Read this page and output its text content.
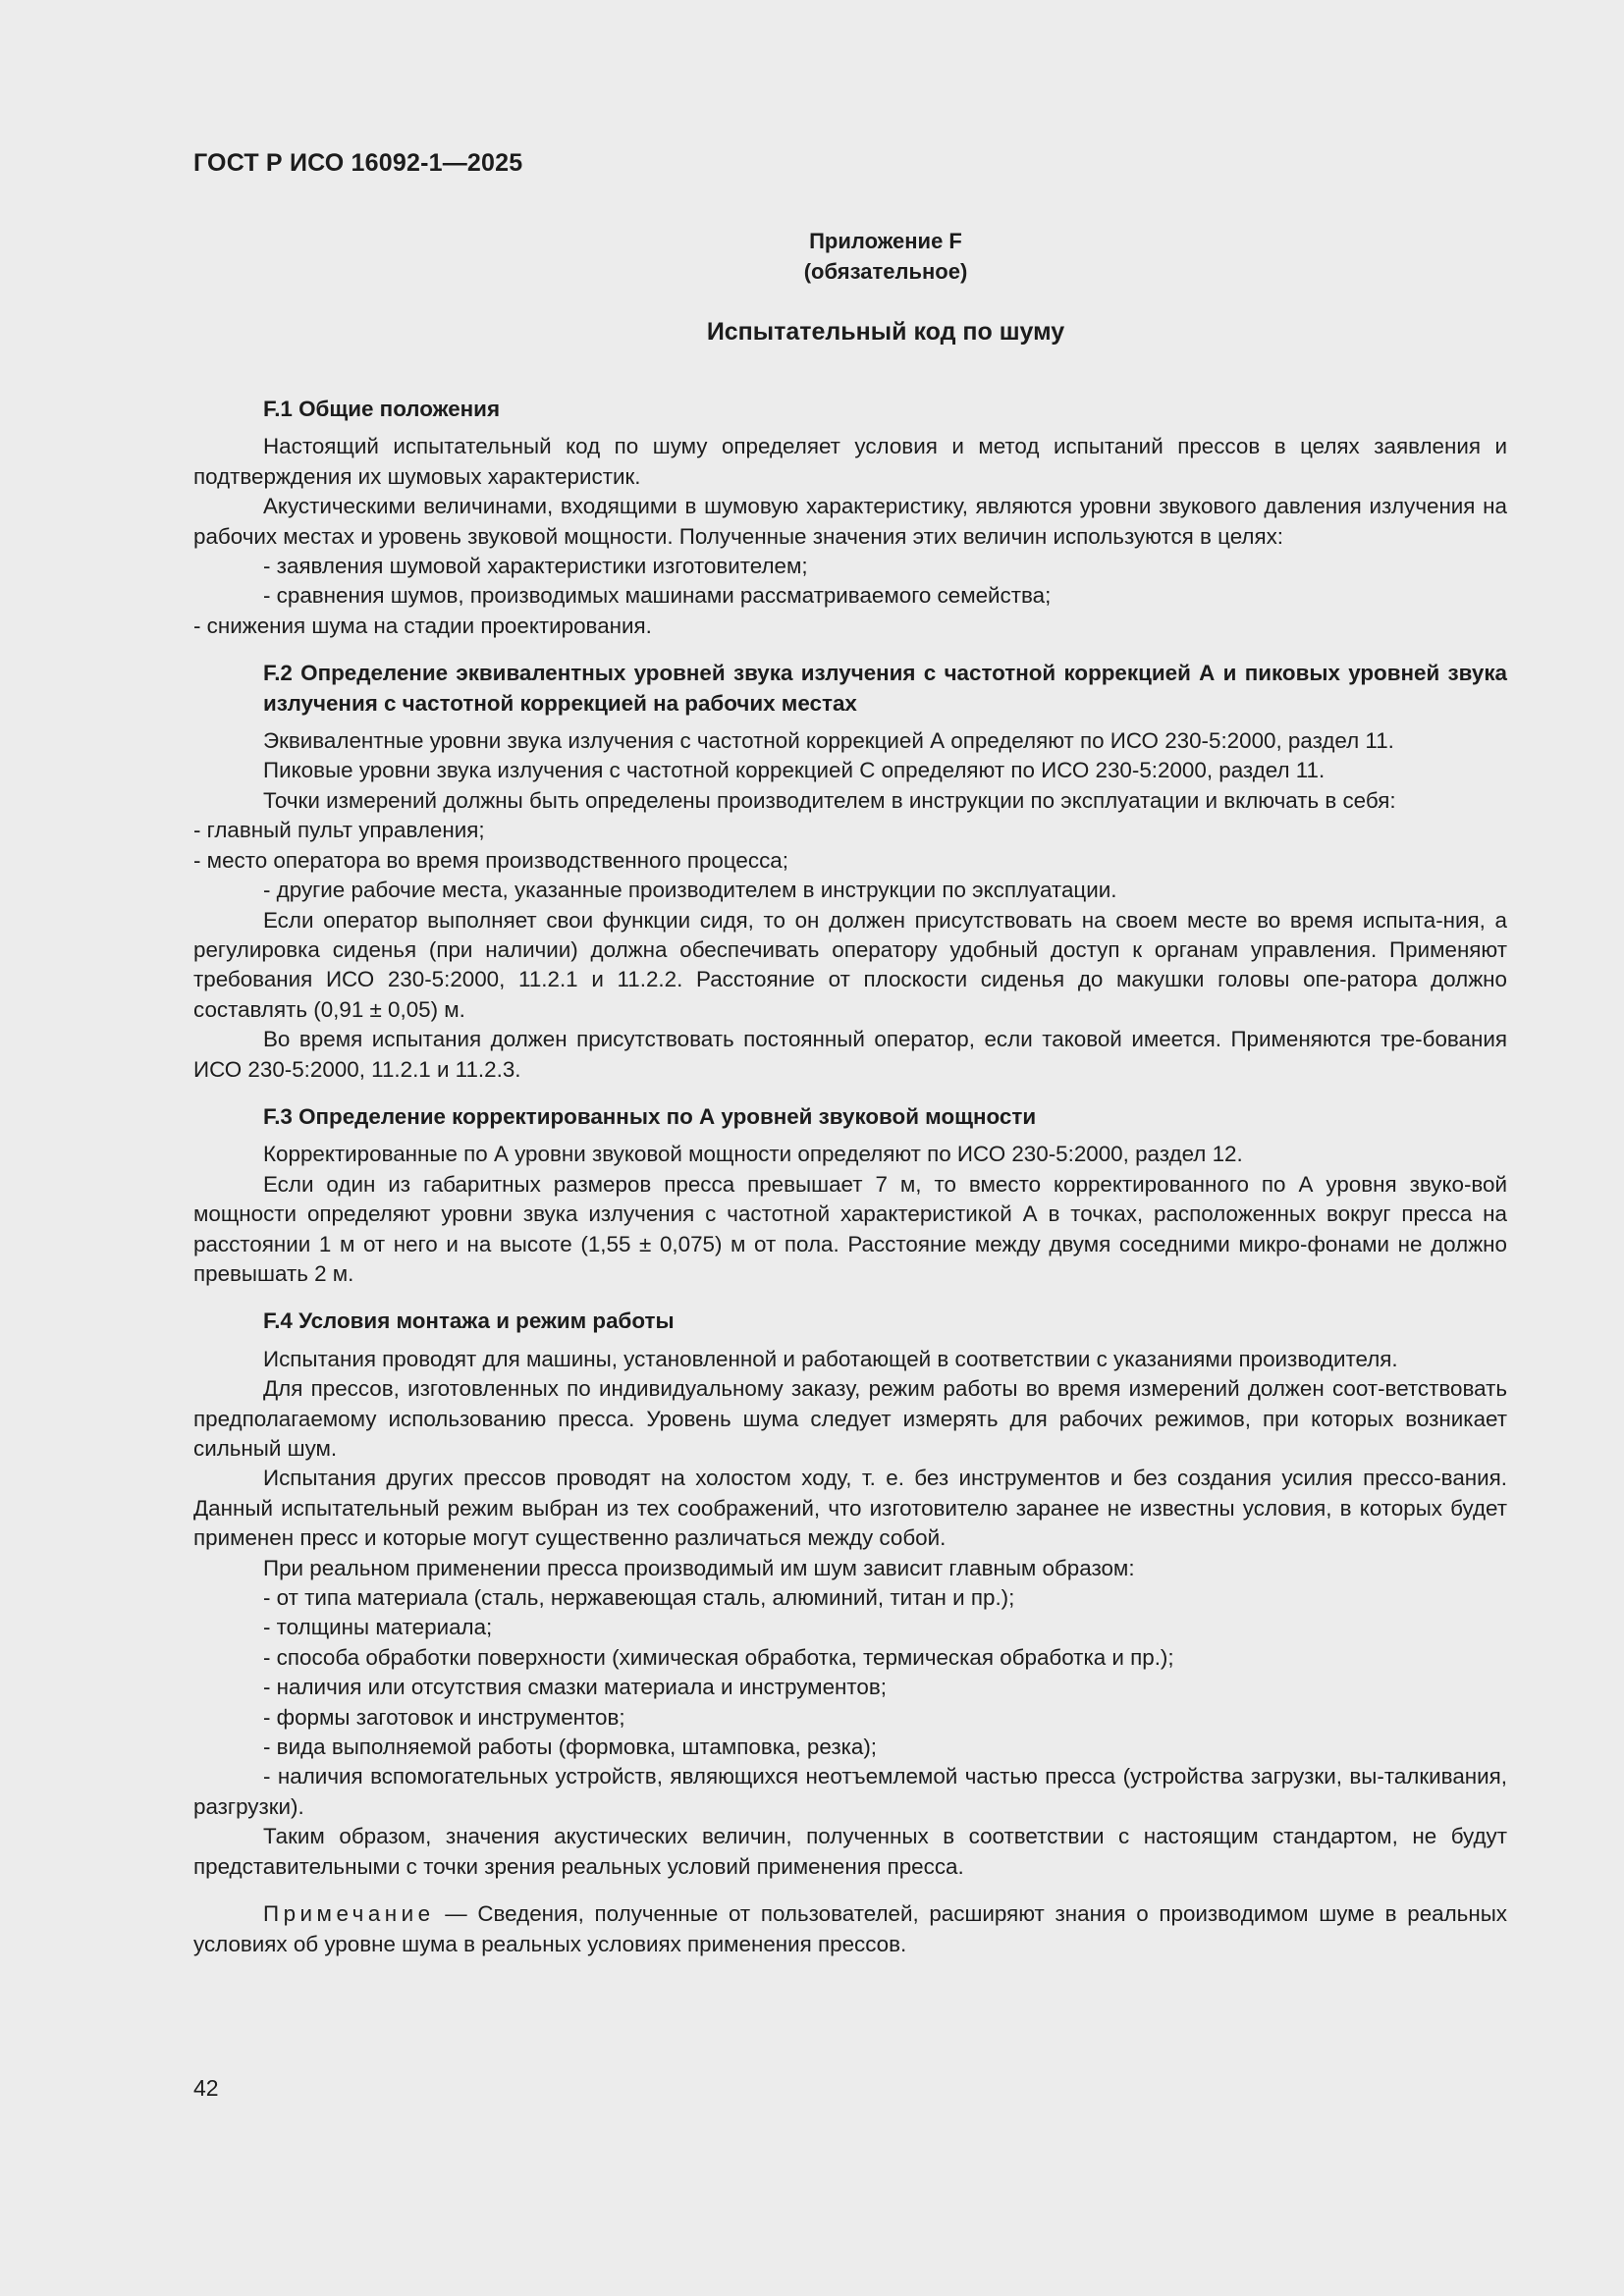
ГОСТ Р ИСО 16092-1—2025
Приложение F
(обязательное)
Испытательный код по шуму
F.1 Общие положения

Настоящий испытательный код по шуму определяет условия и метод испытаний прессов в целях заявления и подтверждения их шумовых характеристик.

Акустическими величинами, входящими в шумовую характеристику, являются уровни звукового давления излучения на рабочих местах и уровень звуковой мощности. Полученные значения этих величин используются в целях:

- заявления шумовой характеристики изготовителем;
- сравнения шумов, производимых машинами рассматриваемого семейства;
- снижения шума на стадии проектирования.
F.2 Определение эквивалентных уровней звука излучения с частотной коррекцией А и пиковых уровней звука излучения с частотной коррекцией на рабочих местах

Эквивалентные уровни звука излучения с частотной коррекцией А определяют по ИСО 230-5:2000, раздел 11.

Пиковые уровни звука излучения с частотной коррекцией С определяют по ИСО 230-5:2000, раздел 11.

Точки измерений должны быть определены производителем в инструкции по эксплуатации и включать в себя:

- главный пульт управления;
- место оператора во время производственного процесса;
- другие рабочие места, указанные производителем в инструкции по эксплуатации.

Если оператор выполняет свои функции сидя, то он должен присутствовать на своем месте во время испыта-ния, а регулировка сиденья (при наличии) должна обеспечивать оператору удобный доступ к органам управления. Применяют требования ИСО 230-5:2000, 11.2.1 и 11.2.2. Расстояние от плоскости сиденья до макушки головы опе-ратора должно составлять (0,91 ± 0,05) м.

Во время испытания должен присутствовать постоянный оператор, если таковой имеется. Применяются тре-бования ИСО 230-5:2000, 11.2.1 и 11.2.3.

F.3 Определение корректированных по А уровней звуковой мощности

Корректированные по А уровни звуковой мощности определяют по ИСО 230-5:2000, раздел 12.

Если один из габаритных размеров пресса превышает 7 м, то вместо корректированного по А уровня звуко-вой мощности определяют уровни звука излучения с частотной характеристикой А в точках, расположенных вокруг пресса на расстоянии 1 м от него и на высоте (1,55 ± 0,075) м от пола. Расстояние между двумя соседними микро-фонами не должно превышать 2 м.

F.4 Условия монтажа и режим работы

Испытания проводят для машины, установленной и работающей в соответствии с указаниями производителя.

Для прессов, изготовленных по индивидуальному заказу, режим работы во время измерений должен соот-ветствовать предполагаемому использованию пресса. Уровень шума следует измерять для рабочих режимов, при которых возникает сильный шум.

Испытания других прессов проводят на холостом ходу, т. е. без инструментов и без создания усилия прессо-вания. Данный испытательный режим выбран из тех соображений, что изготовителю заранее не известны условия, в которых будет применен пресс и которые могут существенно различаться между собой.

При реальном применении пресса производимый им шум зависит главным образом:

- от типа материала (сталь, нержавеющая сталь, алюминий, титан и пр.);
- толщины материала;
- способа обработки поверхности (химическая обработка, термическая обработка и пр.);
- наличия или отсутствия смазки материала и инструментов;
- формы заготовок и инструментов;
- вида выполняемой работы (формовка, штамповка, резка);
- наличия вспомогательных устройств, являющихся неотъемлемой частью пресса (устройства загрузки, вы-талкивания, разгрузки).

Таким образом, значения акустических величин, полученных в соответствии с настоящим стандартом, не будут представительными с точки зрения реальных условий применения пресса.

Примечание — Сведения, полученные от пользователей, расширяют знания о производимом шуме в реальных условиях об уровне шума в реальных условиях применения прессов.

42
